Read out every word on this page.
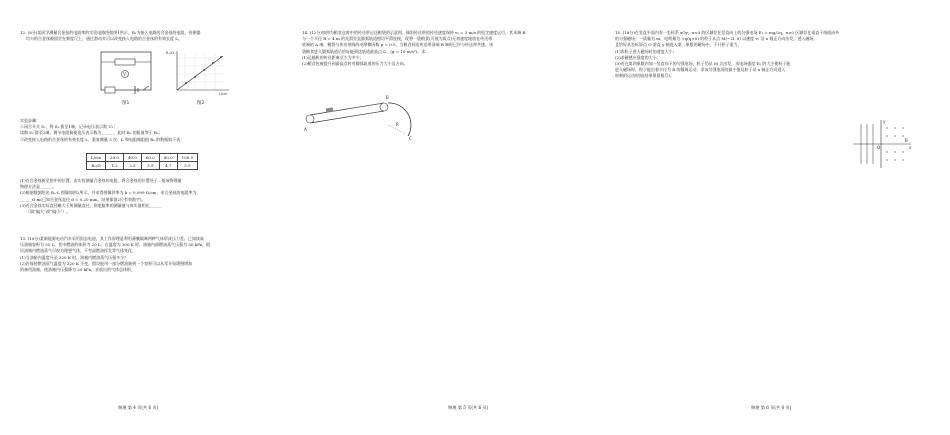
12. (8分)某同学测量合金丝的电阻率的实验电路图如图1所示，R₁为接入电路的合金丝的电阻，待测器
均匀的合金丝被固定在刻度尺上，通过滑动夹可以改变接入电路的合金丝的有效长度 L。
V
图1
Rₓ/Ω
L/cm
图2
实验步骤：
①闭合开关 S₁，将 S₂ 拨至1端，记录电压表示数 U₁；
读数 S₂ 拨至2端，调节电阻箱使电压表示数为______，此时 R₀ 的阻值等于 Rₓ；
③改变接入电路的合金丝的有效长度 L，重复测量 5 次，L 和电阻箱阻值 R₀ 的数据如下表：
L/cm	20.0	40.0	60.0	80.0	100.0
R₀/Ω	1.2	2.3	3.5	4.7	5.9
(1)在合金丝拨至图中的位置，由实验测量合金丝的电阻，将合金丝的位置处于...使该物理量
物理方法是______。
(2)根据数据绘出 Rₓ-L 图像如图2所示，并求得图像斜率为 k = 0.099 Ω/cm，求合金丝的电阻率为
______Ω·m(已知合金丝直径 d = 0.20 mm，结果保留2位有效数字)。
(3)若合金丝实际直径略大于所测量直径，则电阻率的测量值与真实值相比______
（填“偏大”或“偏小”）。
13. (10分)某新能源电动汽车采用固态电池，其工作原理是利用薄膜隔离两种气体形成压力差。已知该高
压油箱容积为 50 L，其中燃油的体积为 20 L，在温度为 300 K 时，油箱内部燃油蒸气压强为 30 kPa，假
设油箱内燃油蒸气可视为理想气体，不考虑燃油挥发等气体变化。
(1)当油箱内温度升至 320 K 时，油箱内燃油蒸气压强多少？
(2)若保持燃油蒸气温度为 320 K 不变，假设能用一部分燃油抽到一个容积可以从零开始缓慢增加
的备用油箱，使油箱内压强降为 20 kPa，求放出的气体总体积。
物理 第 4 页(共 6 页)
14. (12分)如图为粮食仓库中的传送带运送粮袋的示意图，倾斜传送带的传送速度保持 v₀ = 3 m/s 的恒定速度运行，其末端 B
与一个半径 R = 4 m 的光滑竖直圆弧轨道相切平滑连接，现将一袋粮食(可视为质点)无初速度地放在传送带
底端的 A 端，粮袋与传送带间的动摩擦因数 μ = 0.5，当粮食到达传送带顶端 B 端时已经与传送带共速，该
袋粮食进入圆弧轨道后恰好能到达轨道最高点 C。(g = 10 m/s²)。求：
(1)运输机的传送距离至少为多少；
(2)粮食包被提升到最高点时对圆弧轨道的压力大小及方向。
A
B
C
R
物理 第 5 页(共 6 页)
15. (18分)在竖直平面内有一坐标系 xOy，x<0 的区域存在竖直向上的匀强电场 E₁ = mg/2q，x>0 区域存在垂直于纸面向外
的匀强磁场。一质量为 m、电荷量为 +q(q>0) 的粒子从点 M(−2l, 0) 以速度 v₀ 沿 x 轴正方向出发，进入磁场，
且恰好从坐标原点 O 垂直 y 轴进入第一象限的磁场中，不计粒子重力。
(1)求粒子进入磁场时的速度大小；
(2)求磁感应强度的大小；
(3)若在第四象限内加一竖直向下的匀强电场，粒子仍从 M 点出发，求电场强度 E₂ 的大小使粒子能
进入磁场时，粒子能沿着半径为 R 的圆周运动，求该匀强电场的最小值及粒子从 x 轴正方向进入
时刻的运动时间(结果保留根号)。
x
y
O
B
物理 第 6 页(共 6 页)
